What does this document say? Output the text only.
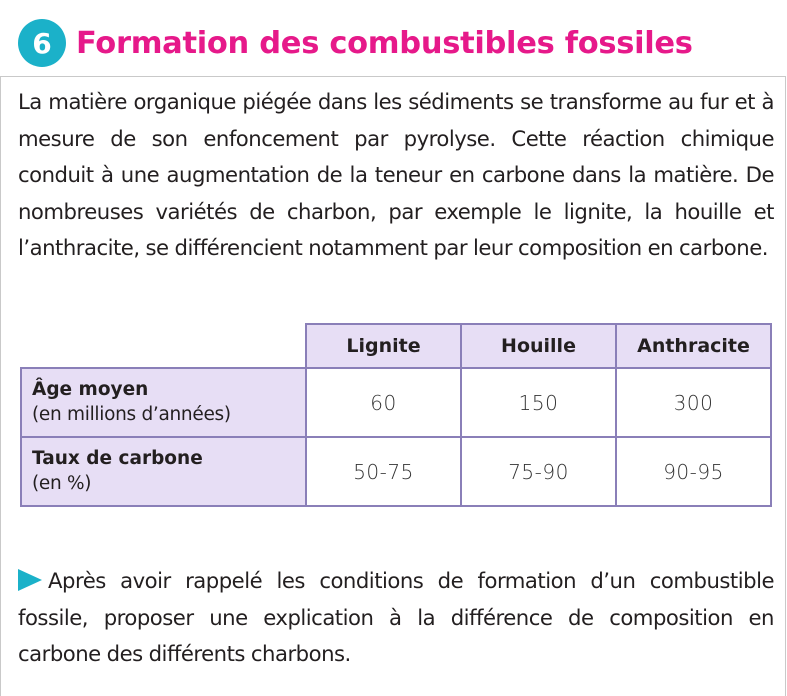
6 Formation des combustibles fossiles

La matière organique piégée dans les sédiments se transforme au fur et à mesure de son enfoncement par pyrolyse. Cette réaction chimique conduit à une augmentation de la teneur en carbone dans la matière. De nombreuses variétés de charbon, par exemple le lignite, la houille et l’anthracite, se différencient notamment par leur composition en carbone.

	Lignite	Houille	Anthracite

Âge moyen
(en millions d’années)	60	150	300

Taux de carbone
(en %)	50-75	75-90	90-95

Après avoir rappelé les conditions de formation d’un combustible fossile, proposer une explication à la différence de composition en carbone des différents charbons.
